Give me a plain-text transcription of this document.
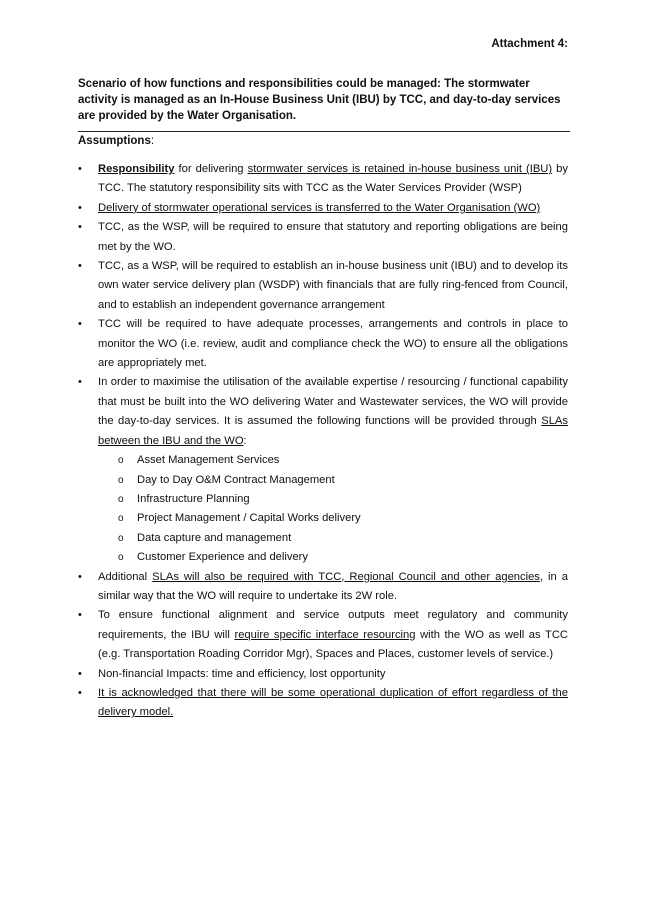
Attachment 4:
Scenario of how functions and responsibilities could be managed: The stormwater activity is managed as an In-House Business Unit (IBU) by TCC, and day-to-day services are provided by the Water Organisation.
Assumptions:
•	Responsibility for delivering stormwater services is retained in-house business unit (IBU) by TCC. The statutory responsibility sits with TCC as the Water Services Provider (WSP)
•	Delivery of stormwater operational services is transferred to the Water Organisation (WO)
•	TCC, as the WSP, will be required to ensure that statutory and reporting obligations are being met by the WO.
•	TCC, as a WSP, will be required to establish an in-house business unit (IBU) and to develop its own water service delivery plan (WSDP) with financials that are fully ring-fenced from Council, and to establish an independent governance arrangement
•	TCC will be required to have adequate processes, arrangements and controls in place to monitor the WO (i.e. review, audit and compliance check the WO) to ensure all the obligations are appropriately met.
•	In order to maximise the utilisation of the available expertise / resourcing / functional capability that must be built into the WO delivering Water and Wastewater services, the WO will provide the day-to-day services. It is assumed the following functions will be provided through SLAs between the IBU and the WO:
o Asset Management Services
o Day to Day O&M Contract Management
o Infrastructure Planning
o Project Management / Capital Works delivery
o Data capture and management
o Customer Experience and delivery
•	Additional SLAs will also be required with TCC, Regional Council and other agencies, in a similar way that the WO will require to undertake its 2W role.
•	To ensure functional alignment and service outputs meet regulatory and community requirements, the IBU will require specific interface resourcing with the WO as well as TCC (e.g. Transportation Roading Corridor Mgr), Spaces and Places, customer levels of service.)
•	Non-financial Impacts: time and efficiency, lost opportunity
•	It is acknowledged that there will be some operational duplication of effort regardless of the delivery model.
